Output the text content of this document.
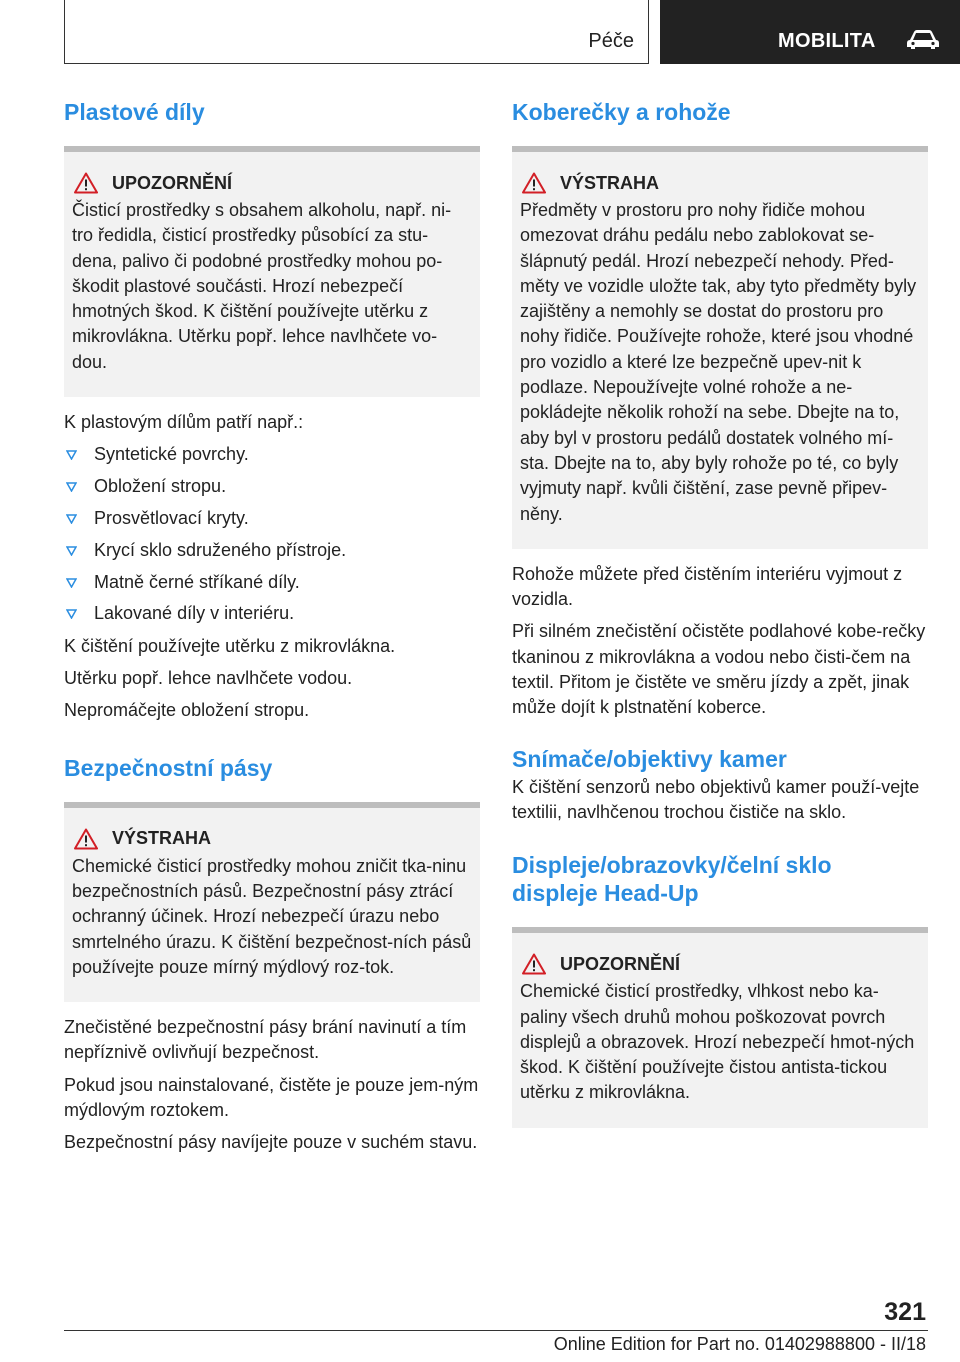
Péče	MOBILITA
Plastové díly
UPOZORNĚNÍ

Čisticí prostředky s obsahem alkoholu, např. ni-tro ředidla, čisticí prostředky působící za stu-dena, palivo či podobné prostředky mohou po-škodit plastové součásti. Hrozí nebezpečí hmotných škod. K čištění používejte utěrku z mikrovlákna. Utěrku popř. lehce navlhčete vo-dou.

K plastovým dílům patří např.:

Syntetické povrchy.
Obložení stropu.
Prosvětlovací kryty.
Krycí sklo sdruženého přístroje.
Matně černé stříkané díly.
Lakované díly v interiéru.

K čištění používejte utěrku z mikrovlákna.

Utěrku popř. lehce navlhčete vodou.

Nepromáčejte obložení stropu.

Bezpečnostní pásy
VÝSTRAHA

Chemické čisticí prostředky mohou zničit tka-ninu bezpečnostních pásů. Bezpečnostní pásy ztrácí ochranný účinek. Hrozí nebezpečí úrazu nebo smrtelného úrazu. K čištění bezpečnost-ních pásů používejte pouze mírný mýdlový roz-tok.

Znečistěné bezpečnostní pásy brání navinutí a tím nepříznivě ovlivňují bezpečnost.

Pokud jsou nainstalované, čistěte je pouze jem-ným mýdlovým roztokem.

Bezpečnostní pásy navíjejte pouze v suchém stavu.

Koberečky a rohože
VÝSTRAHA

Předměty v prostoru pro nohy řidiče mohou omezovat dráhu pedálu nebo zablokovat se-šlápnutý pedál. Hrozí nebezpečí nehody. Před-měty ve vozidle uložte tak, aby tyto předměty byly zajištěny a nemohly se dostat do prostoru pro nohy řidiče. Používejte rohože, které jsou vhodné pro vozidlo a které lze bezpečně upev-nit k podlaze. Nepoužívejte volné rohože a ne-pokládejte několik rohoží na sebe. Dbejte na to, aby byl v prostoru pedálů dostatek volného mí-sta. Dbejte na to, aby byly rohože po té, co byly vyjmuty např. kvůli čištění, zase pevně připev-něny.

Rohože můžete před čistěním interiéru vyjmout z vozidla.

Při silném znečistění očistěte podlahové kobe-rečky tkaninou z mikrovlákna a vodou nebo čisti-čem na textil. Přitom je čistěte ve směru jízdy a zpět, jinak může dojít k plstnatění koberce.

Snímače/objektivy kamer

K čištění senzorů nebo objektivů kamer použí-vejte textilii, navlhčenou trochou čističe na sklo.

Displeje/obrazovky/čelní sklo
displeje Head-Up
UPOZORNĚNÍ

Chemické čisticí prostředky, vlhkost nebo ka-paliny všech druhů mohou poškozovat povrch displejů a obrazovek. Hrozí nebezpečí hmot-ných škod. K čištění používejte čistou antista-tickou utěrku z mikrovlákna.

321
Online Edition for Part no. 01402988800 - II/18
